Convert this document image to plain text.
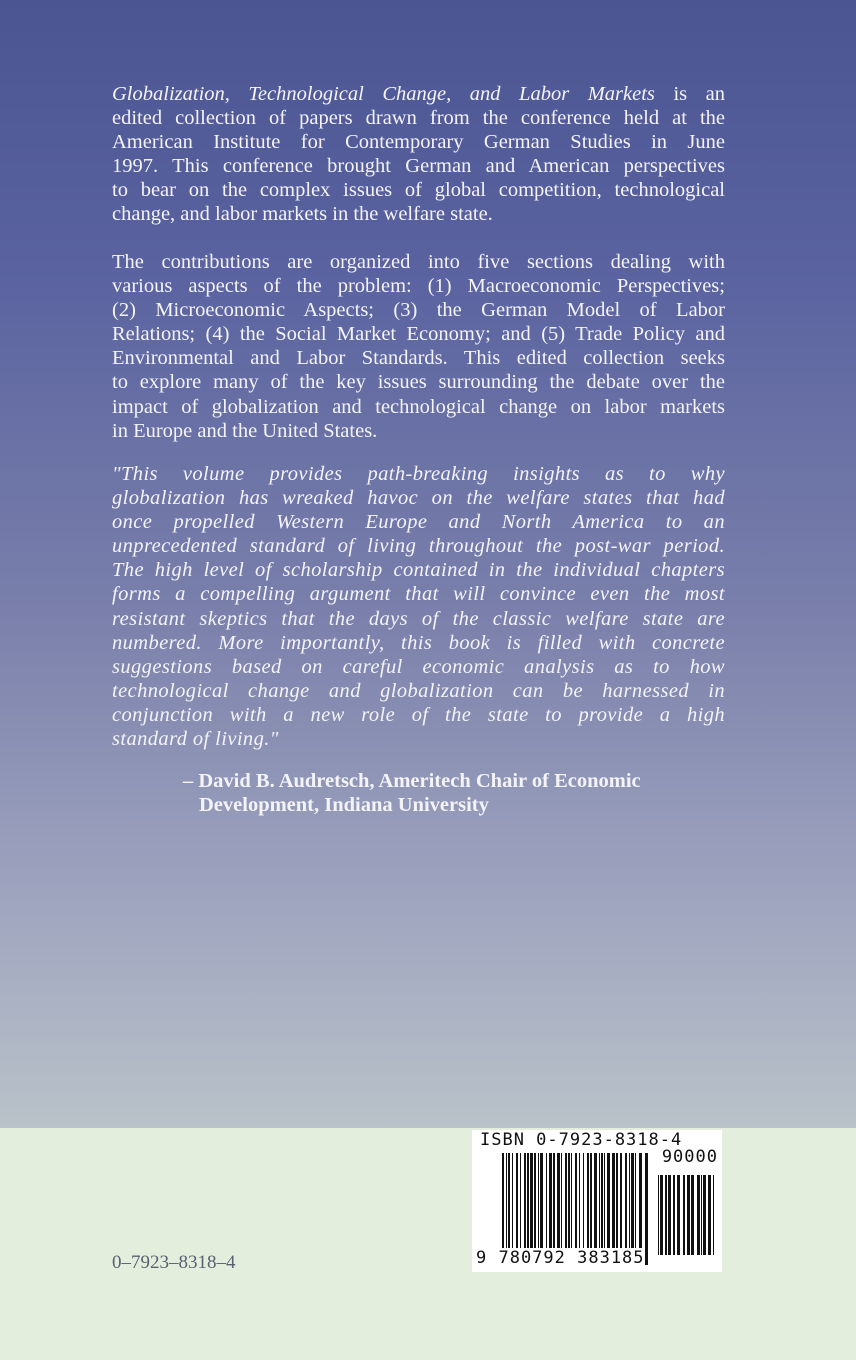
Globalization, Technological Change, and Labor Markets is an
edited collection of papers drawn from the conference held at the
American Institute for Contemporary German Studies in June
1997. This conference brought German and American perspectives
to bear on the complex issues of global competition, technological
change, and labor markets in the welfare state.
The contributions are organized into five sections dealing with
various aspects of the problem: (1) Macroeconomic Perspectives;
(2) Microeconomic Aspects; (3) the German Model of Labor
Relations; (4) the Social Market Economy; and (5) Trade Policy and
Environmental and Labor Standards. This edited collection seeks
to explore many of the key issues surrounding the debate over the
impact of globalization and technological change on labor markets
in Europe and the United States.
"This volume provides path-breaking insights as to why
globalization has wreaked havoc on the welfare states that had
once propelled Western Europe and North America to an
unprecedented standard of living throughout the post-war period.
The high level of scholarship contained in the individual chapters
forms a compelling argument that will convince even the most
resistant skeptics that the days of the classic welfare state are
numbered. More importantly, this book is filled with concrete
suggestions based on careful economic analysis as to how
technological change and globalization can be harnessed in
conjunction with a new role of the state to provide a high
standard of living."
– David B. Audretsch, Ameritech Chair of Economic
Development, Indiana University
0–7923–8318–4
ISBN 0-7923-8318-4
90000
9 780792 383185
